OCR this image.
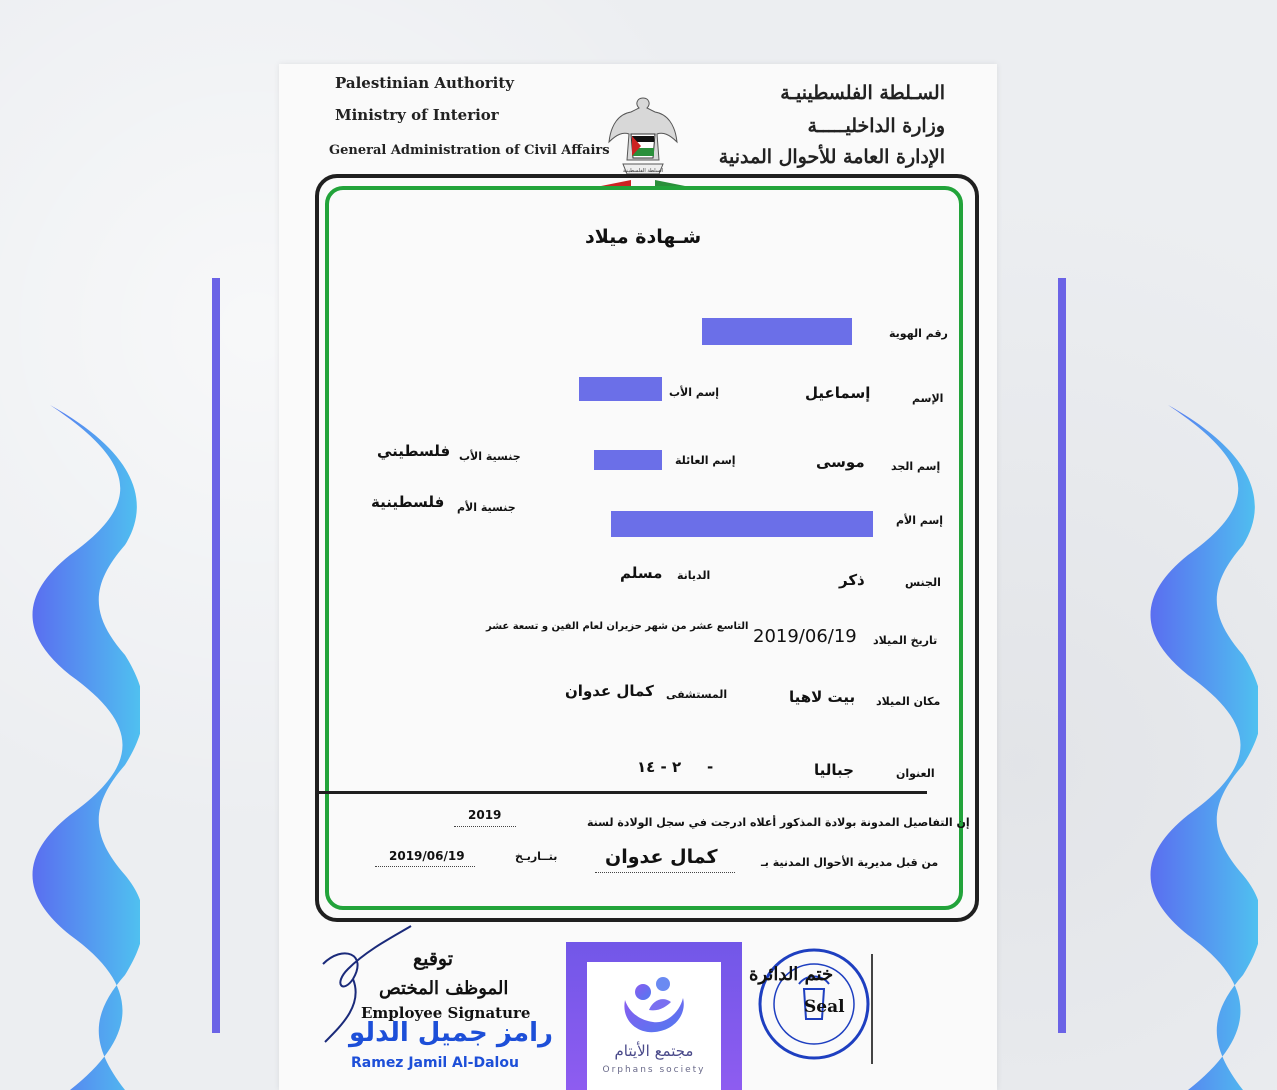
Palestinian Authority
Ministry of Interior
General Administration of Civil Affairs
السـلطة الفلسطينيـة
وزارة الداخليـــــة
الإدارة العامة للأحوال المدنية
السلطة الفلسطينية
شـهادة ميلاد
رقم الهوية
الإسم
إسماعيل
إسم الأب
إسم الجد
موسى
إسم العائلة
جنسية الأب
فلسطيني
إسم الأم
جنسية الأم
فلسطينية
الجنس
ذكر
الديانة
مسلم
تاريخ الميلاد
2019/06/19
التاسع عشر من شهر حزيران لعام الفين و تسعة عشر
مكان الميلاد
بيت لاهيا
المستشفى
كمال عدوان
العنوان
جباليا
-
٢ - ١٤
إن التفاصيل المدونة بولادة المذكور أعلاه ادرجت في سجل الولادة لسنة
2019
من قبل مديرية الأحوال المدنية بـ
كمال عدوان
بتــاريـخ
2019/06/19
توقيع
الموظف المختص
Employee Signature
رامز جميل الدلو
Ramez Jamil Al-Dalou
ختم الدائرة
Seal
مجتمع الأيتام
Orphans society
